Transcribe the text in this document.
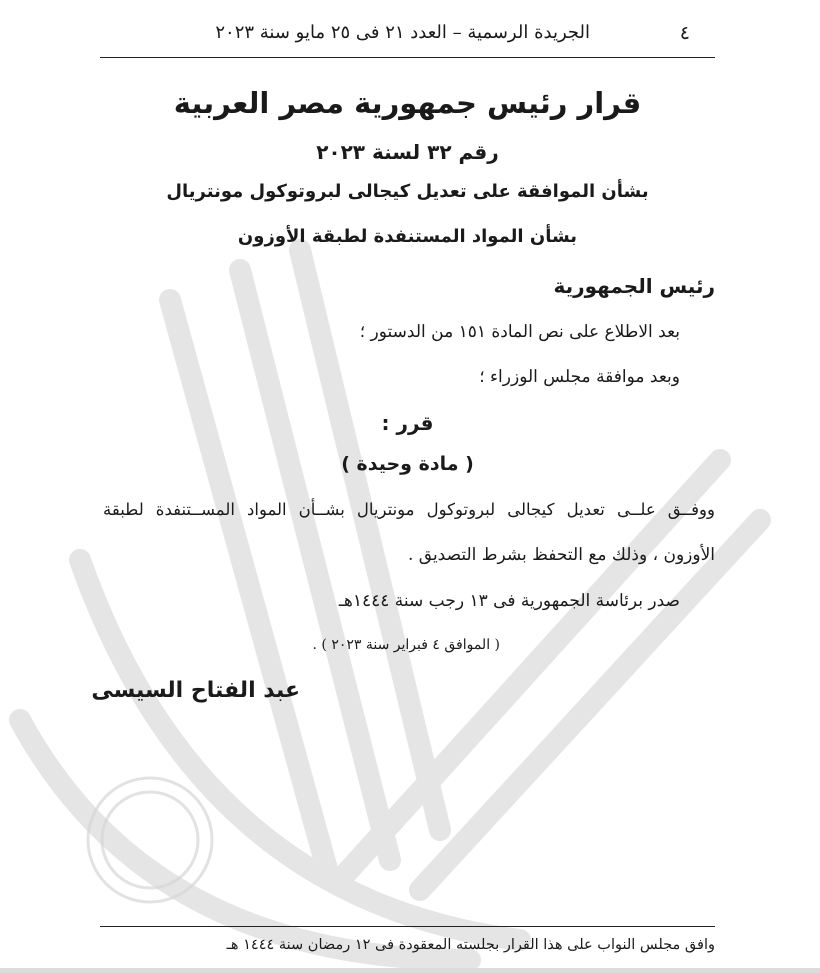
٤
الجريدة الرسمية – العدد ٢١ فى ٢٥ مايو سنة ٢٠٢٣
قرار رئيس جمهورية مصر العربية
رقم ٣٢ لسنة ٢٠٢٣
بشأن الموافقة على تعديل كيجالى لبروتوكول مونتريال
بشأن المواد المستنفدة لطبقة الأوزون
رئيس الجمهورية
بعد الاطلاع على نص المادة ١٥١ من الدستور ؛
وبعد موافقة مجلس الوزراء ؛
قرر :
( مادة وحيدة )
ووفــق علــى تعديل كيجالى لبروتوكول مونتريال بشــأن المواد المســتنفدة لطبقة
الأوزون ، وذلك مع التحفظ بشرط التصديق .
صدر برئاسة الجمهورية فى ١٣ رجب سنة ١٤٤٤هـ
( الموافق ٤ فبراير سنة ٢٠٢٣ ) .
عبد الفتاح السيسى
وافق مجلس النواب على هذا القرار بجلسته المعقودة فى ١٢ رمضان سنة ١٤٤٤ هـ
